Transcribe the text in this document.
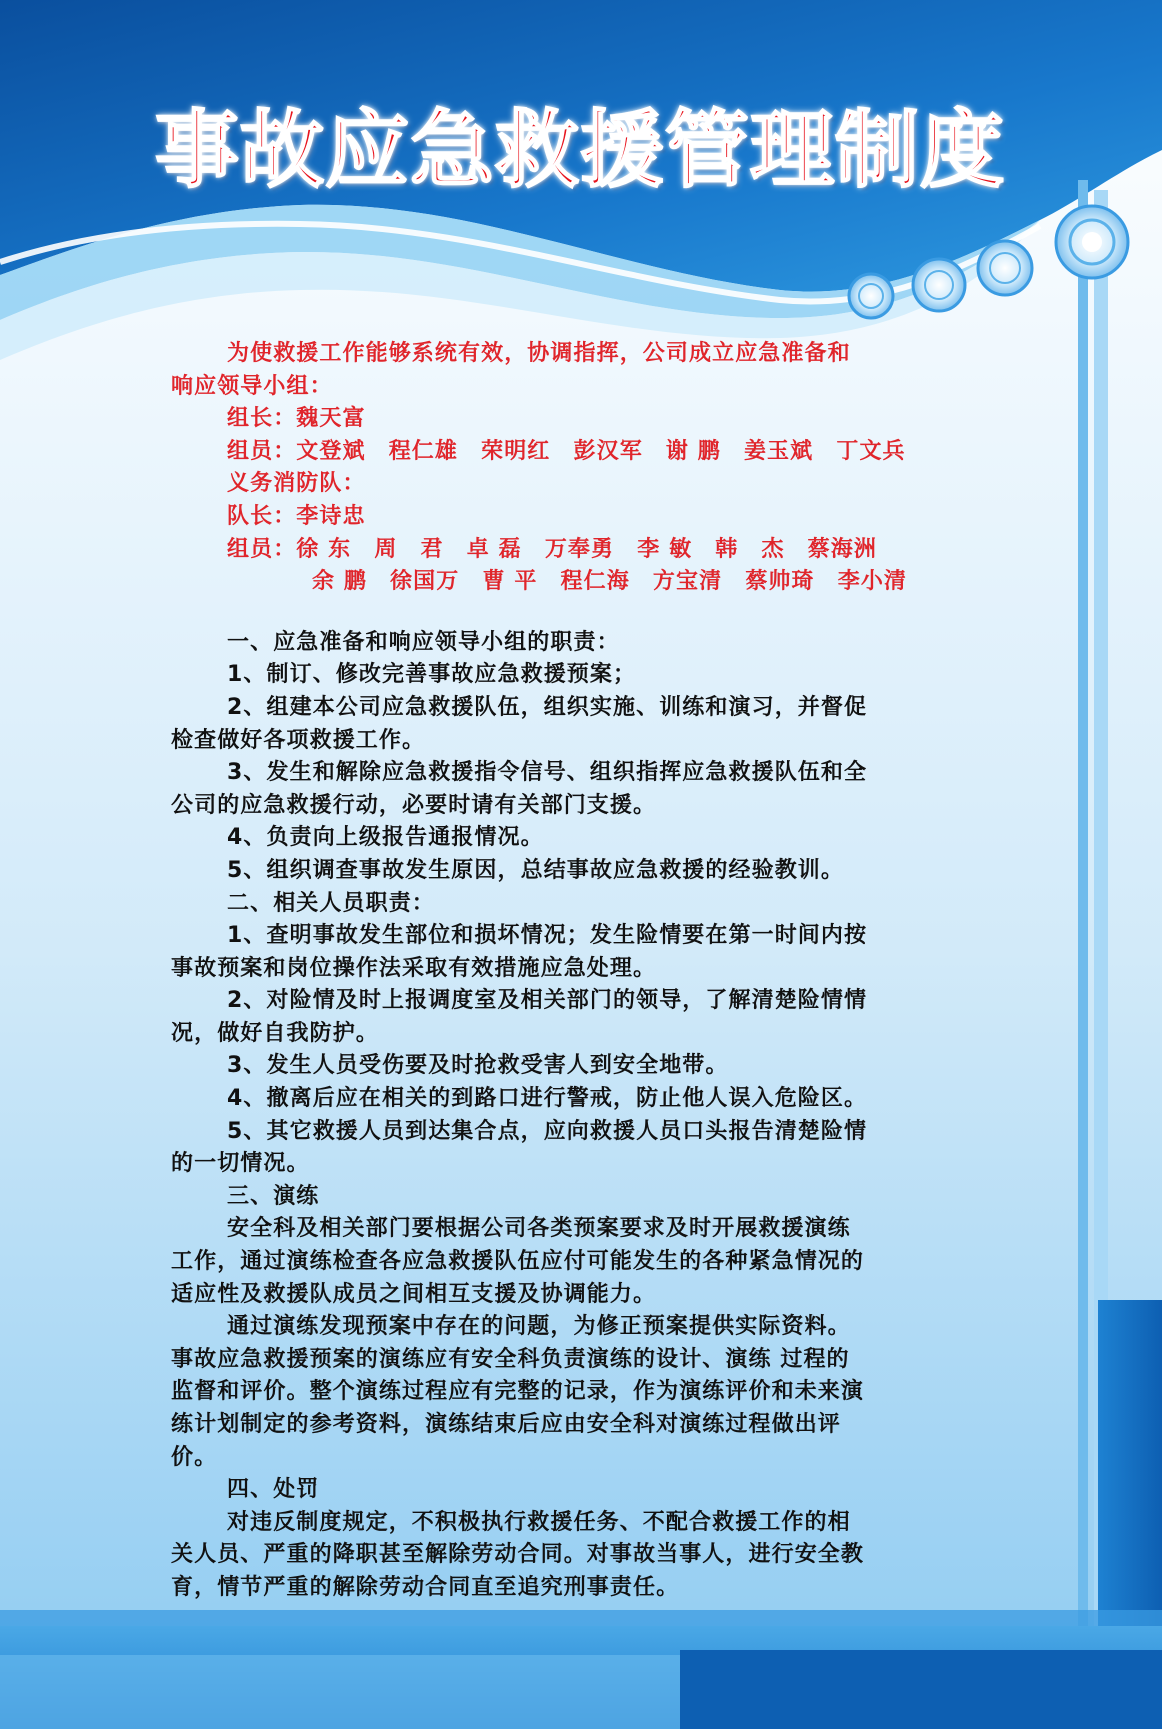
事故应急救援管理制度

为使救援工作能够系统有效，协调指挥，公司成立应急准备和

响应领导小组：

组长：魏天富

组员：文登斌　程仁雄　荣明红　彭汉军　谢 鹏　姜玉斌　丁文兵

义务消防队：

队长：李诗忠

组员：徐 东　周　君　卓 磊　万奉勇　李 敏　韩　杰　蔡海洲

余 鹏　徐国万　曹 平　程仁海　方宝清　蔡帅琦　李小清

一、应急准备和响应领导小组的职责：

1、制订、修改完善事故应急救援预案；

2、组建本公司应急救援队伍，组织实施、训练和演习，并督促

检查做好各项救援工作。

3、发生和解除应急救援指令信号、组织指挥应急救援队伍和全

公司的应急救援行动，必要时请有关部门支援。

4、负责向上级报告通报情况。

5、组织调查事故发生原因，总结事故应急救援的经验教训。

二、相关人员职责：

1、查明事故发生部位和损坏情况；发生险情要在第一时间内按

事故预案和岗位操作法采取有效措施应急处理。

2、对险情及时上报调度室及相关部门的领导，了解清楚险情情

况，做好自我防护。

3、发生人员受伤要及时抢救受害人到安全地带。

4、撤离后应在相关的到路口进行警戒，防止他人误入危险区。

5、其它救援人员到达集合点，应向救援人员口头报告清楚险情

的一切情况。

三、演练

安全科及相关部门要根据公司各类预案要求及时开展救援演练

工作，通过演练检查各应急救援队伍应付可能发生的各种紧急情况的

适应性及救援队成员之间相互支援及协调能力。

通过演练发现预案中存在的问题，为修正预案提供实际资料。

事故应急救援预案的演练应有安全科负责演练的设计、演练 过程的

监督和评价。整个演练过程应有完整的记录，作为演练评价和未来演

练计划制定的参考资料，演练结束后应由安全科对演练过程做出评

价。

四、处罚

对违反制度规定，不积极执行救援任务、不配合救援工作的相

关人员、严重的降职甚至解除劳动合同。对事故当事人，进行安全教

育，情节严重的解除劳动合同直至追究刑事责任。
